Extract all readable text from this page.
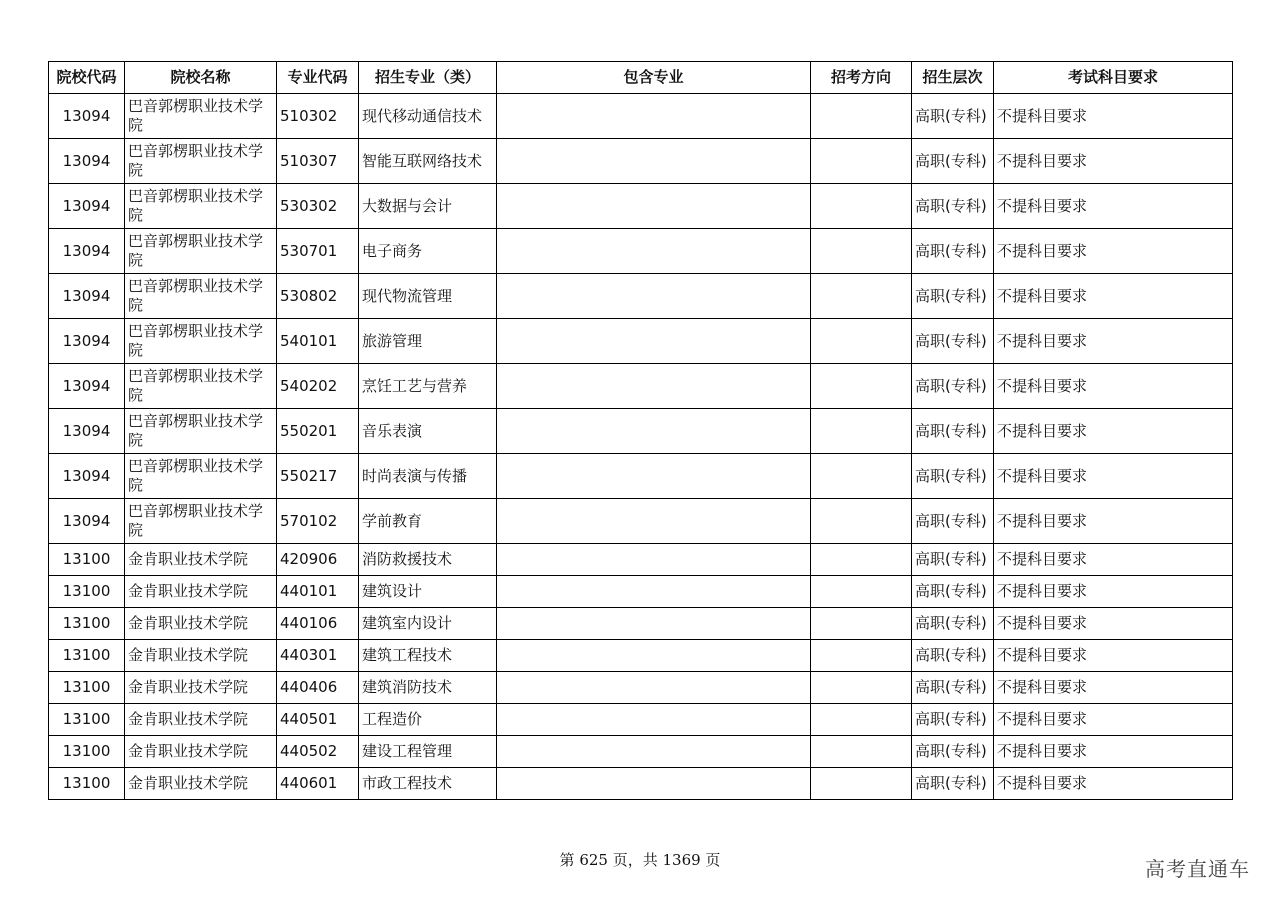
院校代码	院校名称	专业代码	招生专业（类）	包含专业	招考方向	招生层次	考试科目要求
13094	巴音郭楞职业技术学院	510302	现代移动通信技术			高职(专科)	不提科目要求
13094	巴音郭楞职业技术学院	510307	智能互联网络技术			高职(专科)	不提科目要求
13094	巴音郭楞职业技术学院	530302	大数据与会计			高职(专科)	不提科目要求
13094	巴音郭楞职业技术学院	530701	电子商务			高职(专科)	不提科目要求
13094	巴音郭楞职业技术学院	530802	现代物流管理			高职(专科)	不提科目要求
13094	巴音郭楞职业技术学院	540101	旅游管理			高职(专科)	不提科目要求
13094	巴音郭楞职业技术学院	540202	烹饪工艺与营养			高职(专科)	不提科目要求
13094	巴音郭楞职业技术学院	550201	音乐表演			高职(专科)	不提科目要求
13094	巴音郭楞职业技术学院	550217	时尚表演与传播			高职(专科)	不提科目要求
13094	巴音郭楞职业技术学院	570102	学前教育			高职(专科)	不提科目要求
13100	金肯职业技术学院	420906	消防救援技术			高职(专科)	不提科目要求
13100	金肯职业技术学院	440101	建筑设计			高职(专科)	不提科目要求
13100	金肯职业技术学院	440106	建筑室内设计			高职(专科)	不提科目要求
13100	金肯职业技术学院	440301	建筑工程技术			高职(专科)	不提科目要求
13100	金肯职业技术学院	440406	建筑消防技术			高职(专科)	不提科目要求
13100	金肯职业技术学院	440501	工程造价			高职(专科)	不提科目要求
13100	金肯职业技术学院	440502	建设工程管理			高职(专科)	不提科目要求
13100	金肯职业技术学院	440601	市政工程技术			高职(专科)	不提科目要求
第 625 页，共 1369 页	高考直通车
